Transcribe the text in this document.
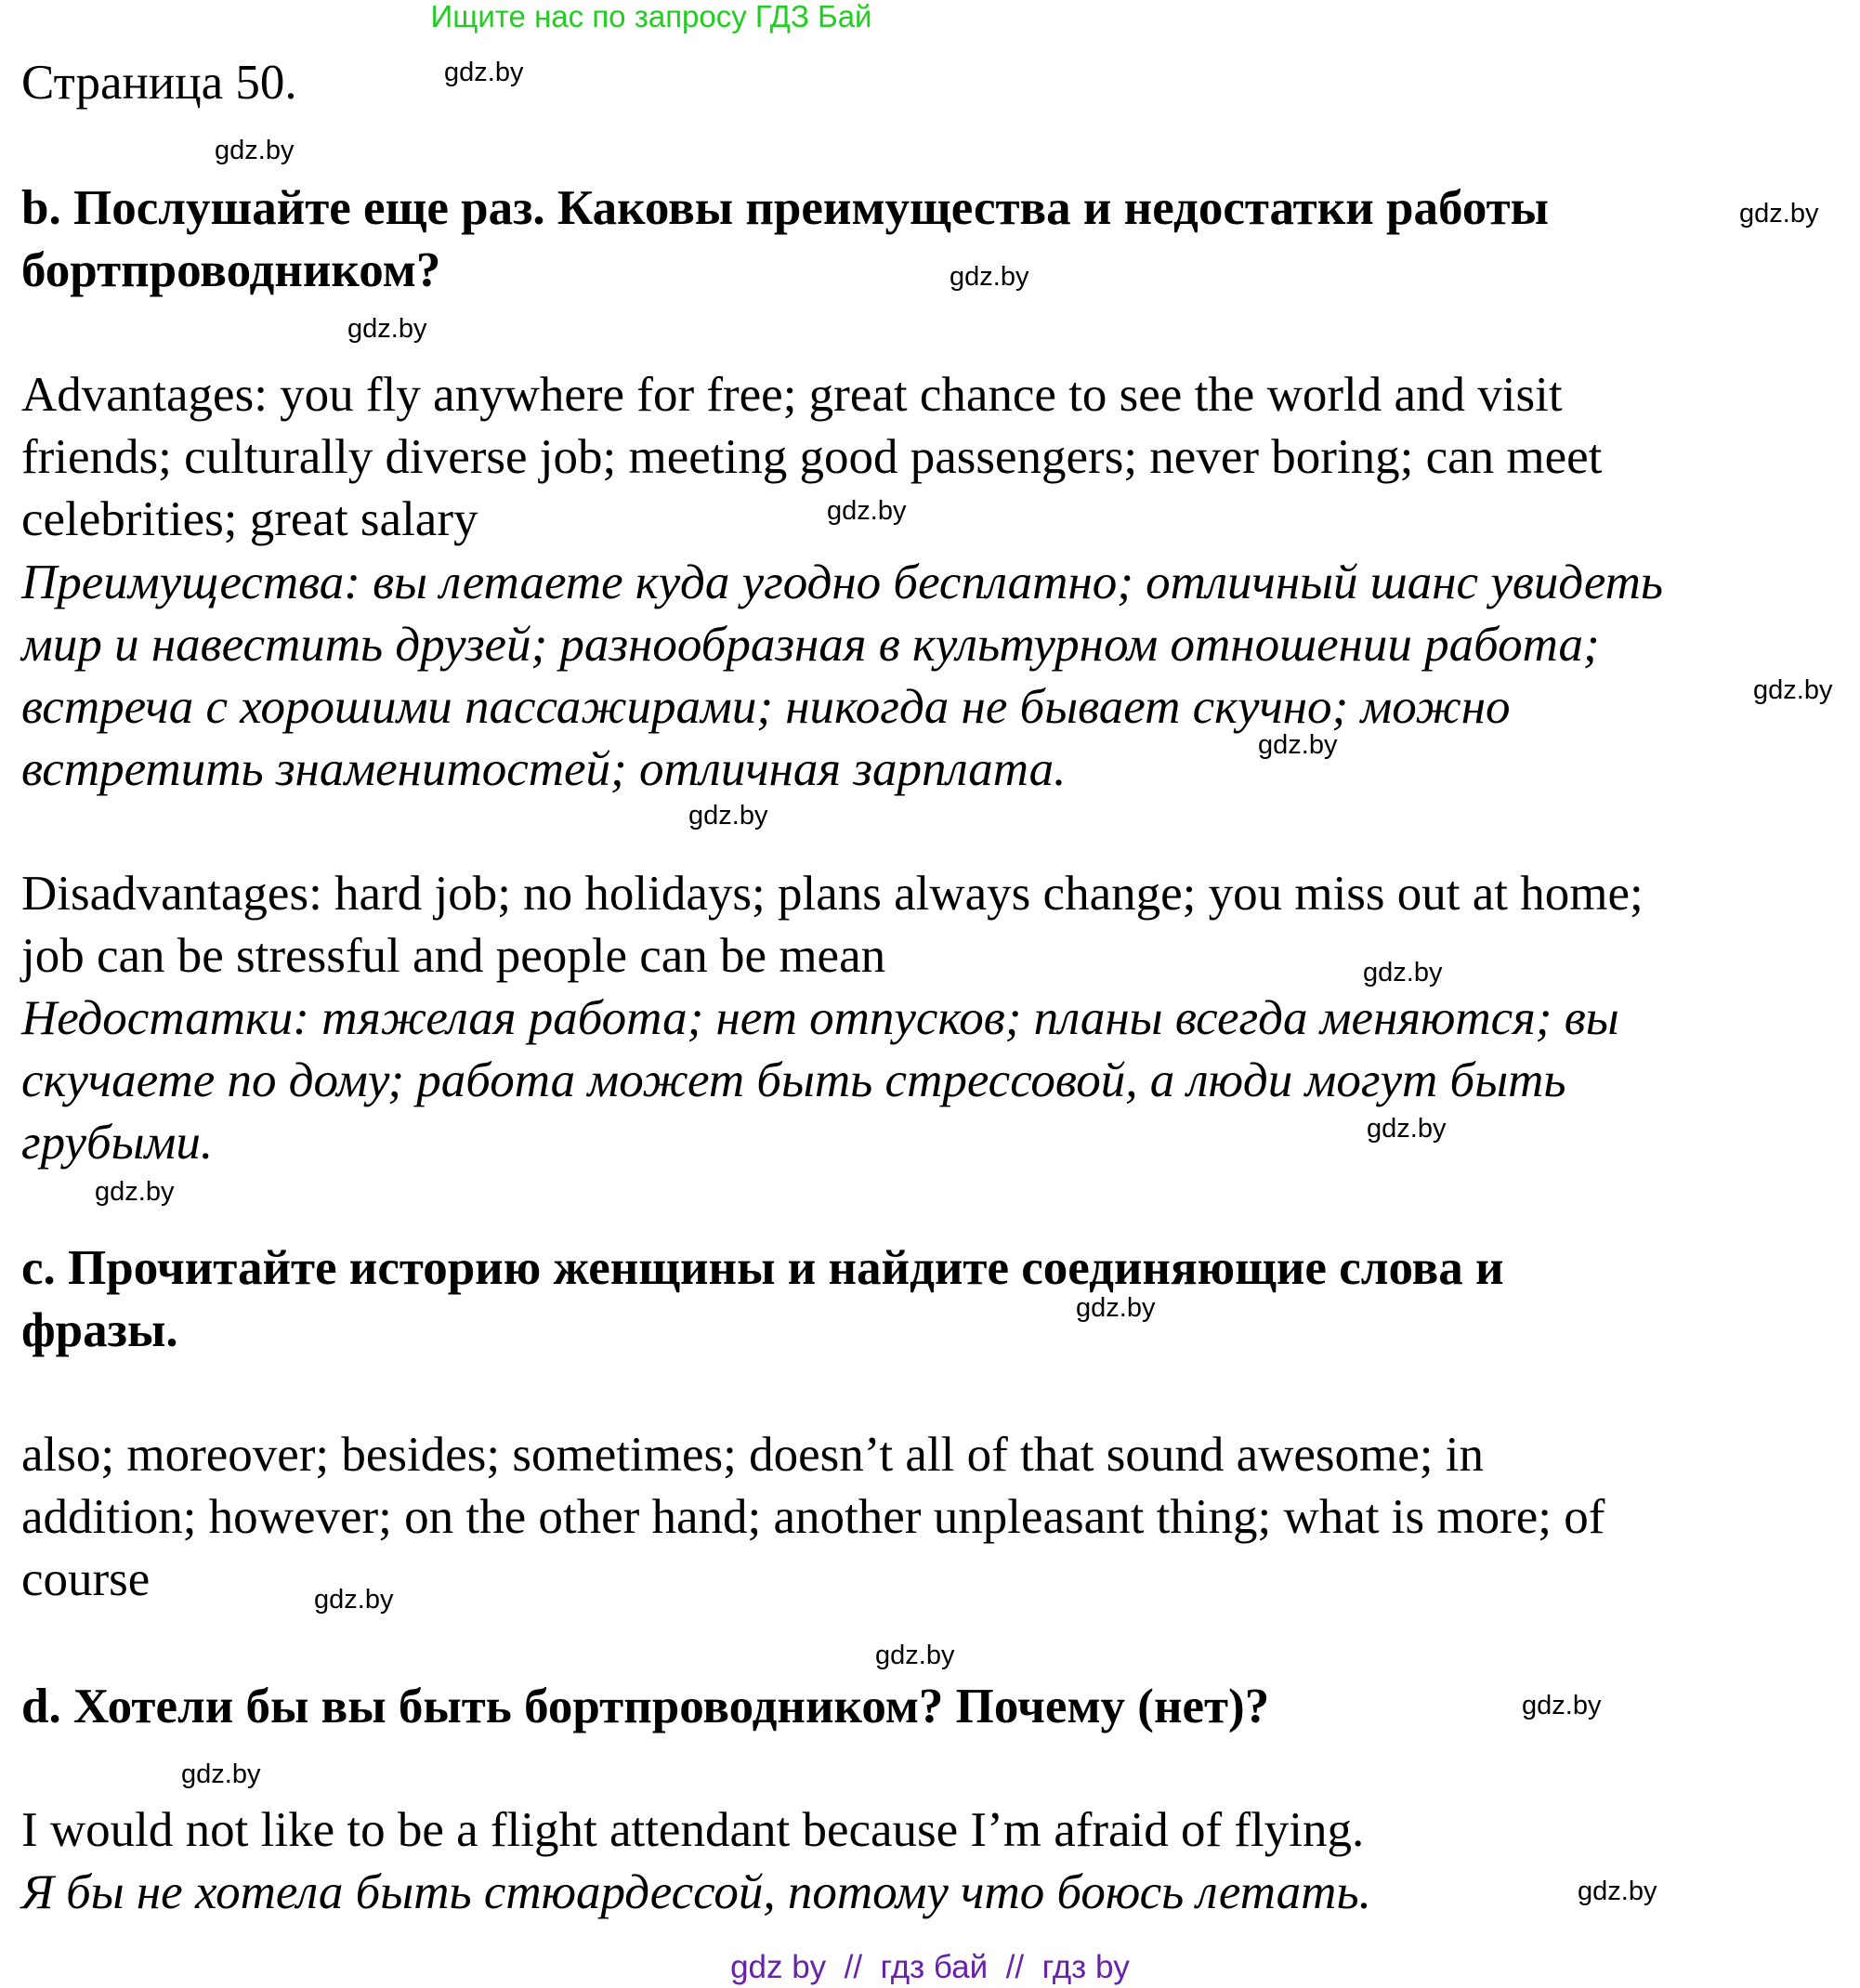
Ищите нас по запросу ГДЗ Бай
Страница 50.
b. Послушайте еще раз. Каковы преимущества и недостатки работы
бортпроводником?
Advantages: you fly anywhere for free; great chance to see the world and visit
friends; culturally diverse job; meeting good passengers; never boring; can meet
celebrities; great salary
Преимущества: вы летаете куда угодно бесплатно; отличный шанс увидеть
мир и навестить друзей; разнообразная в культурном отношении работа;
встреча с хорошими пассажирами; никогда не бывает скучно; можно
встретить знаменитостей; отличная зарплата.
Disadvantages: hard job; no holidays; plans always change; you miss out at home;
job can be stressful and people can be mean
Недостатки: тяжелая работа; нет отпусков; планы всегда меняются; вы
скучаете по дому; работа может быть стрессовой, а люди могут быть
грубыми.
c. Прочитайте историю женщины и найдите соединяющие слова и
фразы.
also; moreover; besides; sometimes; doesn’t all of that sound awesome; in
addition; however; on the other hand; another unpleasant thing; what is more; of
course
d. Хотели бы вы быть бортпроводником? Почему (нет)?
I would not like to be a flight attendant because I’m afraid of flying.
Я бы не хотела быть стюардессой, потому что боюсь летать.
gdz.by
gdz.by
gdz.by
gdz.by
gdz.by
gdz.by
gdz.by
gdz.by
gdz.by
gdz.by
gdz.by
gdz.by
gdz.by
gdz.by
gdz.by
gdz.by
gdz.by
gdz.by
gdz by // гдз бай // гдз by
